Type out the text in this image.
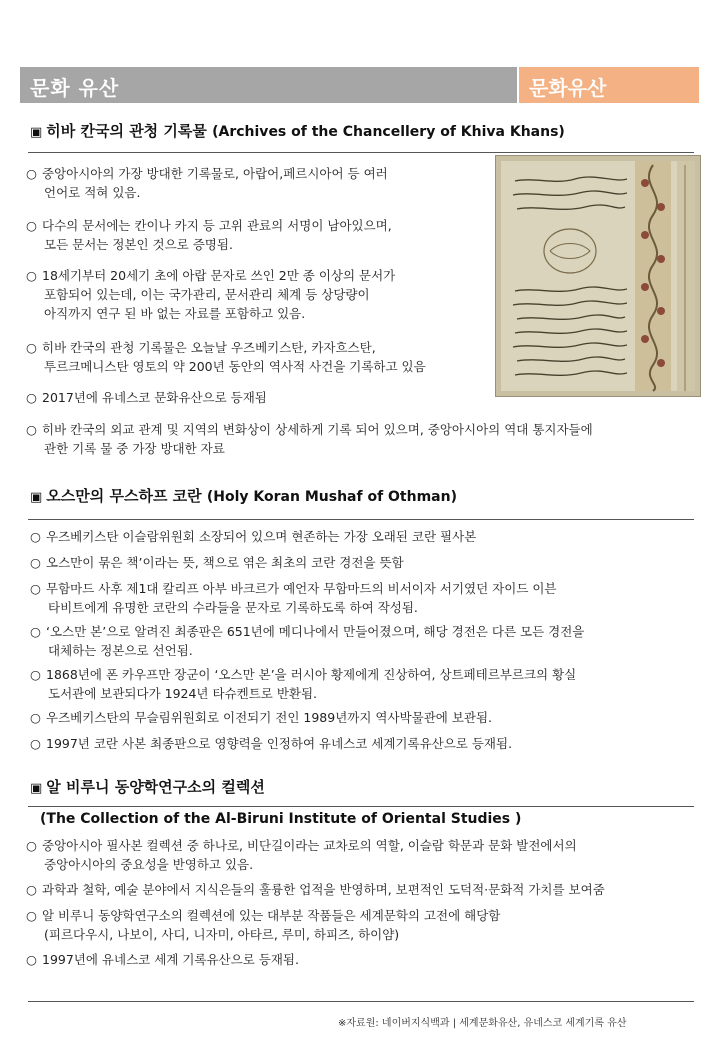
문화 유산	문화유산
▣ 히바 칸국의 관청 기록물 (Archives of the Chancellery of Khiva Khans)
○ 중앙아시아의 가장 방대한 기록물로, 아랍어,페르시아어 등 여러
언어로 적혀 있음.
○ 다수의 문서에는 칸이나 카지 등 고위 관료의 서명이 남아있으며,
모든 문서는 정본인 것으로 증명됨.
○ 18세기부터 20세기 초에 아랍 문자로 쓰인 2만 종 이상의 문서가
포함되어 있는데, 이는 국가관리, 문서관리 체계 등 상당량이
아직까지 연구 된 바 없는 자료를 포함하고 있음.
○ 히바 칸국의 관청 기록물은 오늘날 우즈베키스탄, 카자흐스탄,
투르크메니스탄 영토의 약 200년 동안의 역사적 사건을 기록하고 있음
○ 2017년에 유네스코 문화유산으로 등재됨
○ 히바 칸국의 외교 관계 및 지역의 변화상이 상세하게 기록 되어 있으며, 중앙아시아의 역대 통지자들에
관한 기록 물 중 가장 방대한 자료
▣ 오스만의 무스하프 코란 (Holy Koran Mushaf of Othman)
○ 우즈베키스탄 이슬람위원회 소장되어 있으며 현존하는 가장 오래된 코란 필사본
○ 오스만이 묶은 책’이라는 뜻, 책으로 엮은 최초의 코란 경전을 뜻함
○ 무함마드 사후 제1대 칼리프 아부 바크르가 예언자 무함마드의 비서이자 서기였던 자이드 이븐
타비트에게 유명한 코란의 수라들을 문자로 기록하도록 하여 작성됨.
○ ‘오스만 본’으로 알려진 최종판은 651년에 메디나에서 만들어졌으며, 해당 경전은 다른 모든 경전을
대체하는 정본으로 선언됨.
○ 1868년에 폰 카우프만 장군이 ‘오스만 본’을 러시아 황제에게 진상하여, 상트페테르부르크의 황실
도서관에 보관되다가 1924년 타슈켄트로 반환됨.
○ 우즈베키스탄의 무슬림위원회로 이전되기 전인 1989년까지 역사박물관에 보관됨.
○ 1997년 코란 사본 최종판으로 영향력을 인정하여 유네스코 세계기록유산으로 등재됨.
▣ 알 비루니 동양학연구소의 컬렉션
(The Collection of the Al-Biruni Institute of Oriental Studies )
○ 중앙아시아 필사본 컬렉션 중 하나로, 비단길이라는 교차로의 역할, 이슬람 학문과 문화 발전에서의
중앙아시아의 중요성을 반영하고 있음.
○ 과학과 철학, 예술 분야에서 지식은들의 훌륭한 업적을 반영하며, 보편적인 도덕적·문화적 가치를 보여줌
○ 알 비루니 동양학연구소의 컬렉션에 있는 대부분 작품들은 세계문학의 고전에 해당함
(피르다우시, 나보이, 사디, 니자미, 아타르, 루미, 하피즈, 하이얌)
○ 1997년에 유네스코 세계 기록유산으로 등재됨.
※자료원: 네이버지식백과 | 세계문화유산, 유네스코 세계기록 유산
